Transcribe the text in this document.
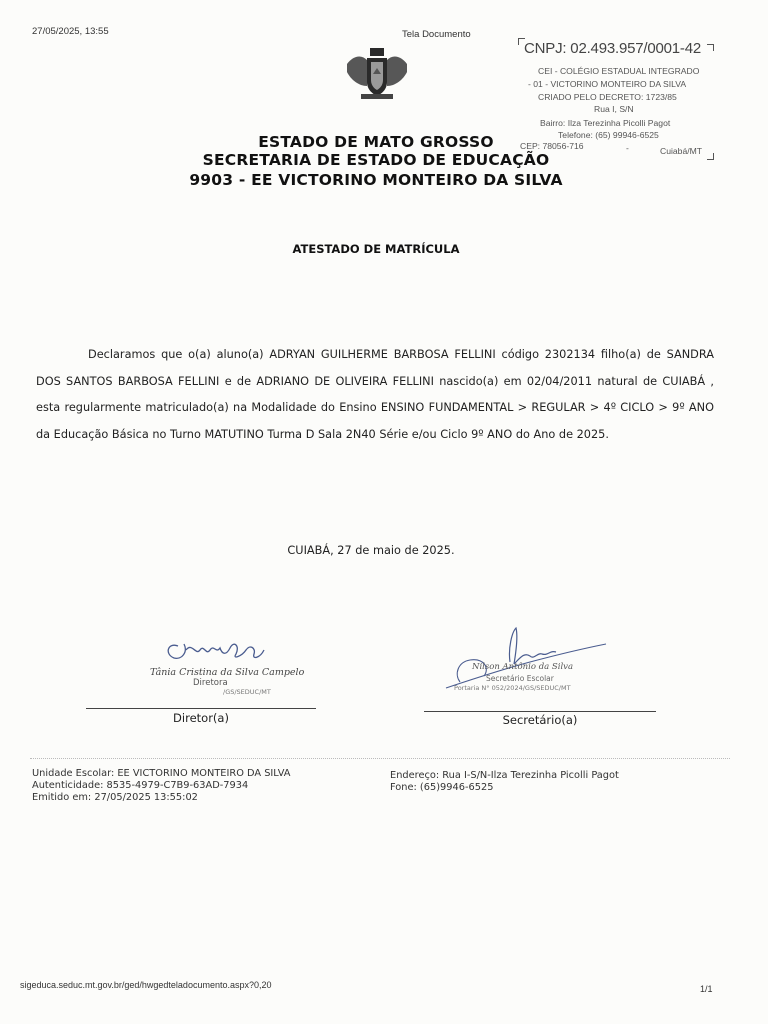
27/05/2025, 13:55	Tela Documento
CNPJ: 02.493.957/0001-42
CEI - COLÉGIO ESTADUAL INTEGRADO
- 01 - VICTORINO MONTEIRO DA SILVA
CRIADO PELO DECRETO: 1723/85
Rua I, S/N
Bairro: Ilza Terezinha Picolli Pagot
Telefone: (65) 99946-6525
CEP: 78056-716	-	Cuiabá/MT
ESTADO DE MATO GROSSO
SECRETARIA DE ESTADO DE EDUCAÇÃO
9903 - EE VICTORINO MONTEIRO DA SILVA
ATESTADO DE MATRÍCULA
Declaramos que o(a) aluno(a) ADRYAN GUILHERME BARBOSA FELLINI código 2302134 filho(a) de SANDRA DOS SANTOS BARBOSA FELLINI e de ADRIANO DE OLIVEIRA FELLINI nascido(a) em 02/04/2011 natural de CUIABÁ , esta regularmente matriculado(a) na Modalidade do Ensino ENSINO FUNDAMENTAL > REGULAR > 4º CICLO > 9º ANO da Educação Básica no Turno MATUTINO Turma D Sala 2N40 Série e/ou Ciclo 9º ANO do Ano de 2025.
CUIABÁ, 27 de maio de 2025.
Tânia Cristina da Silva Campelo
Diretora
/GS/SEDUC/MT
Diretor(a)
Nilson Antônio da Silva
Secretário Escolar
Portaria N° 052/2024/GS/SEDUC/MT
Secretário(a)
Unidade Escolar: EE VICTORINO MONTEIRO DA SILVA
Autenticidade: 8535-4979-C7B9-63AD-7934
Emitido em: 27/05/2025 13:55:02
Endereço: Rua I-S/N-Ilza Terezinha Picolli Pagot
Fone: (65)9946-6525
sigeduca.seduc.mt.gov.br/ged/hwgedteladocumento.aspx?0,20	1/1
